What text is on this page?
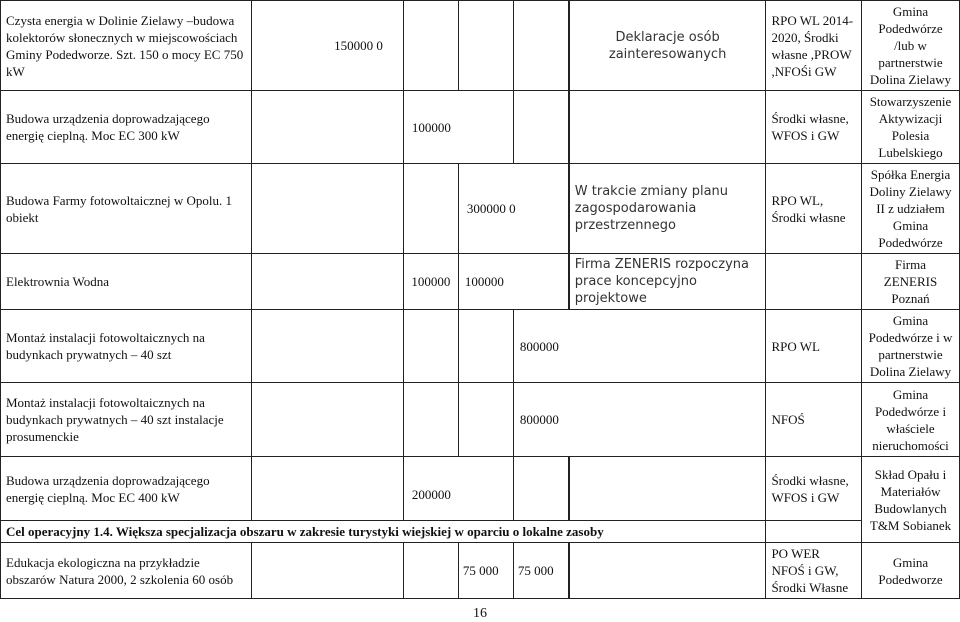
Czysta energia w Dolinie Zielawy –budowa kolektorów słonecznych w miejscowościach Gminy Podedworze. Szt. 150 o mocy EC 750 kW	150000 0					Deklaracje osób zainteresowanych	RPO WL 2014-2020, Środki własne ,PROW ,NFOŚi GW	Gmina Podedwórze /lub w partnerstwie Dolina Zielawy
Budowa urządzenia doprowadzającego energię cieplną. Moc EC 300 kW		100000				Środki własne, WFOS i GW	Stowarzyszenie Aktywizacji Polesia Lubelskiego
Budowa Farmy fotowoltaicznej w Opolu. 1 obiekt			300000 0		W trakcie zmiany planu zagospodarowania przestrzennego	RPO WL, Środki własne	Spółka Energia Doliny Zielawy II z udziałem Gmina Podedwórze
Elektrownia Wodna		100000	100000		Firma ZENERIS rozpoczyna prace koncepcyjno projektowe		Firma ZENERIS Poznań
Montaż instalacji fotowoltaicznych na budynkach prywatnych – 40 szt				800000		RPO WL	Gmina Podedwórze i w partnerstwie Dolina Zielawy
Montaż instalacji fotowoltaicznych na budynkach prywatnych – 40 szt instalacje prosumenckie				800000		NFOŚ	Gmina Podedwórze i właściele nieruchomości
Budowa urządzenia doprowadzającego energię cieplną. Moc EC 400 kW		200000				Środki własne, WFOS i GW	Skład Opału i Materiałów Budowlanych T&M Sobianek
Cel operacyjny 1.4. Większa specjalizacja obszaru w zakresie turystyki wiejskiej w oparciu o lokalne zasoby							
Edukacja ekologiczna na przykładzie obszarów Natura 2000, 2 szkolenia 60 osób			75 000	75 000			PO WER NFOŚ i GW, Środki Własne	Gmina Podedworze
16
